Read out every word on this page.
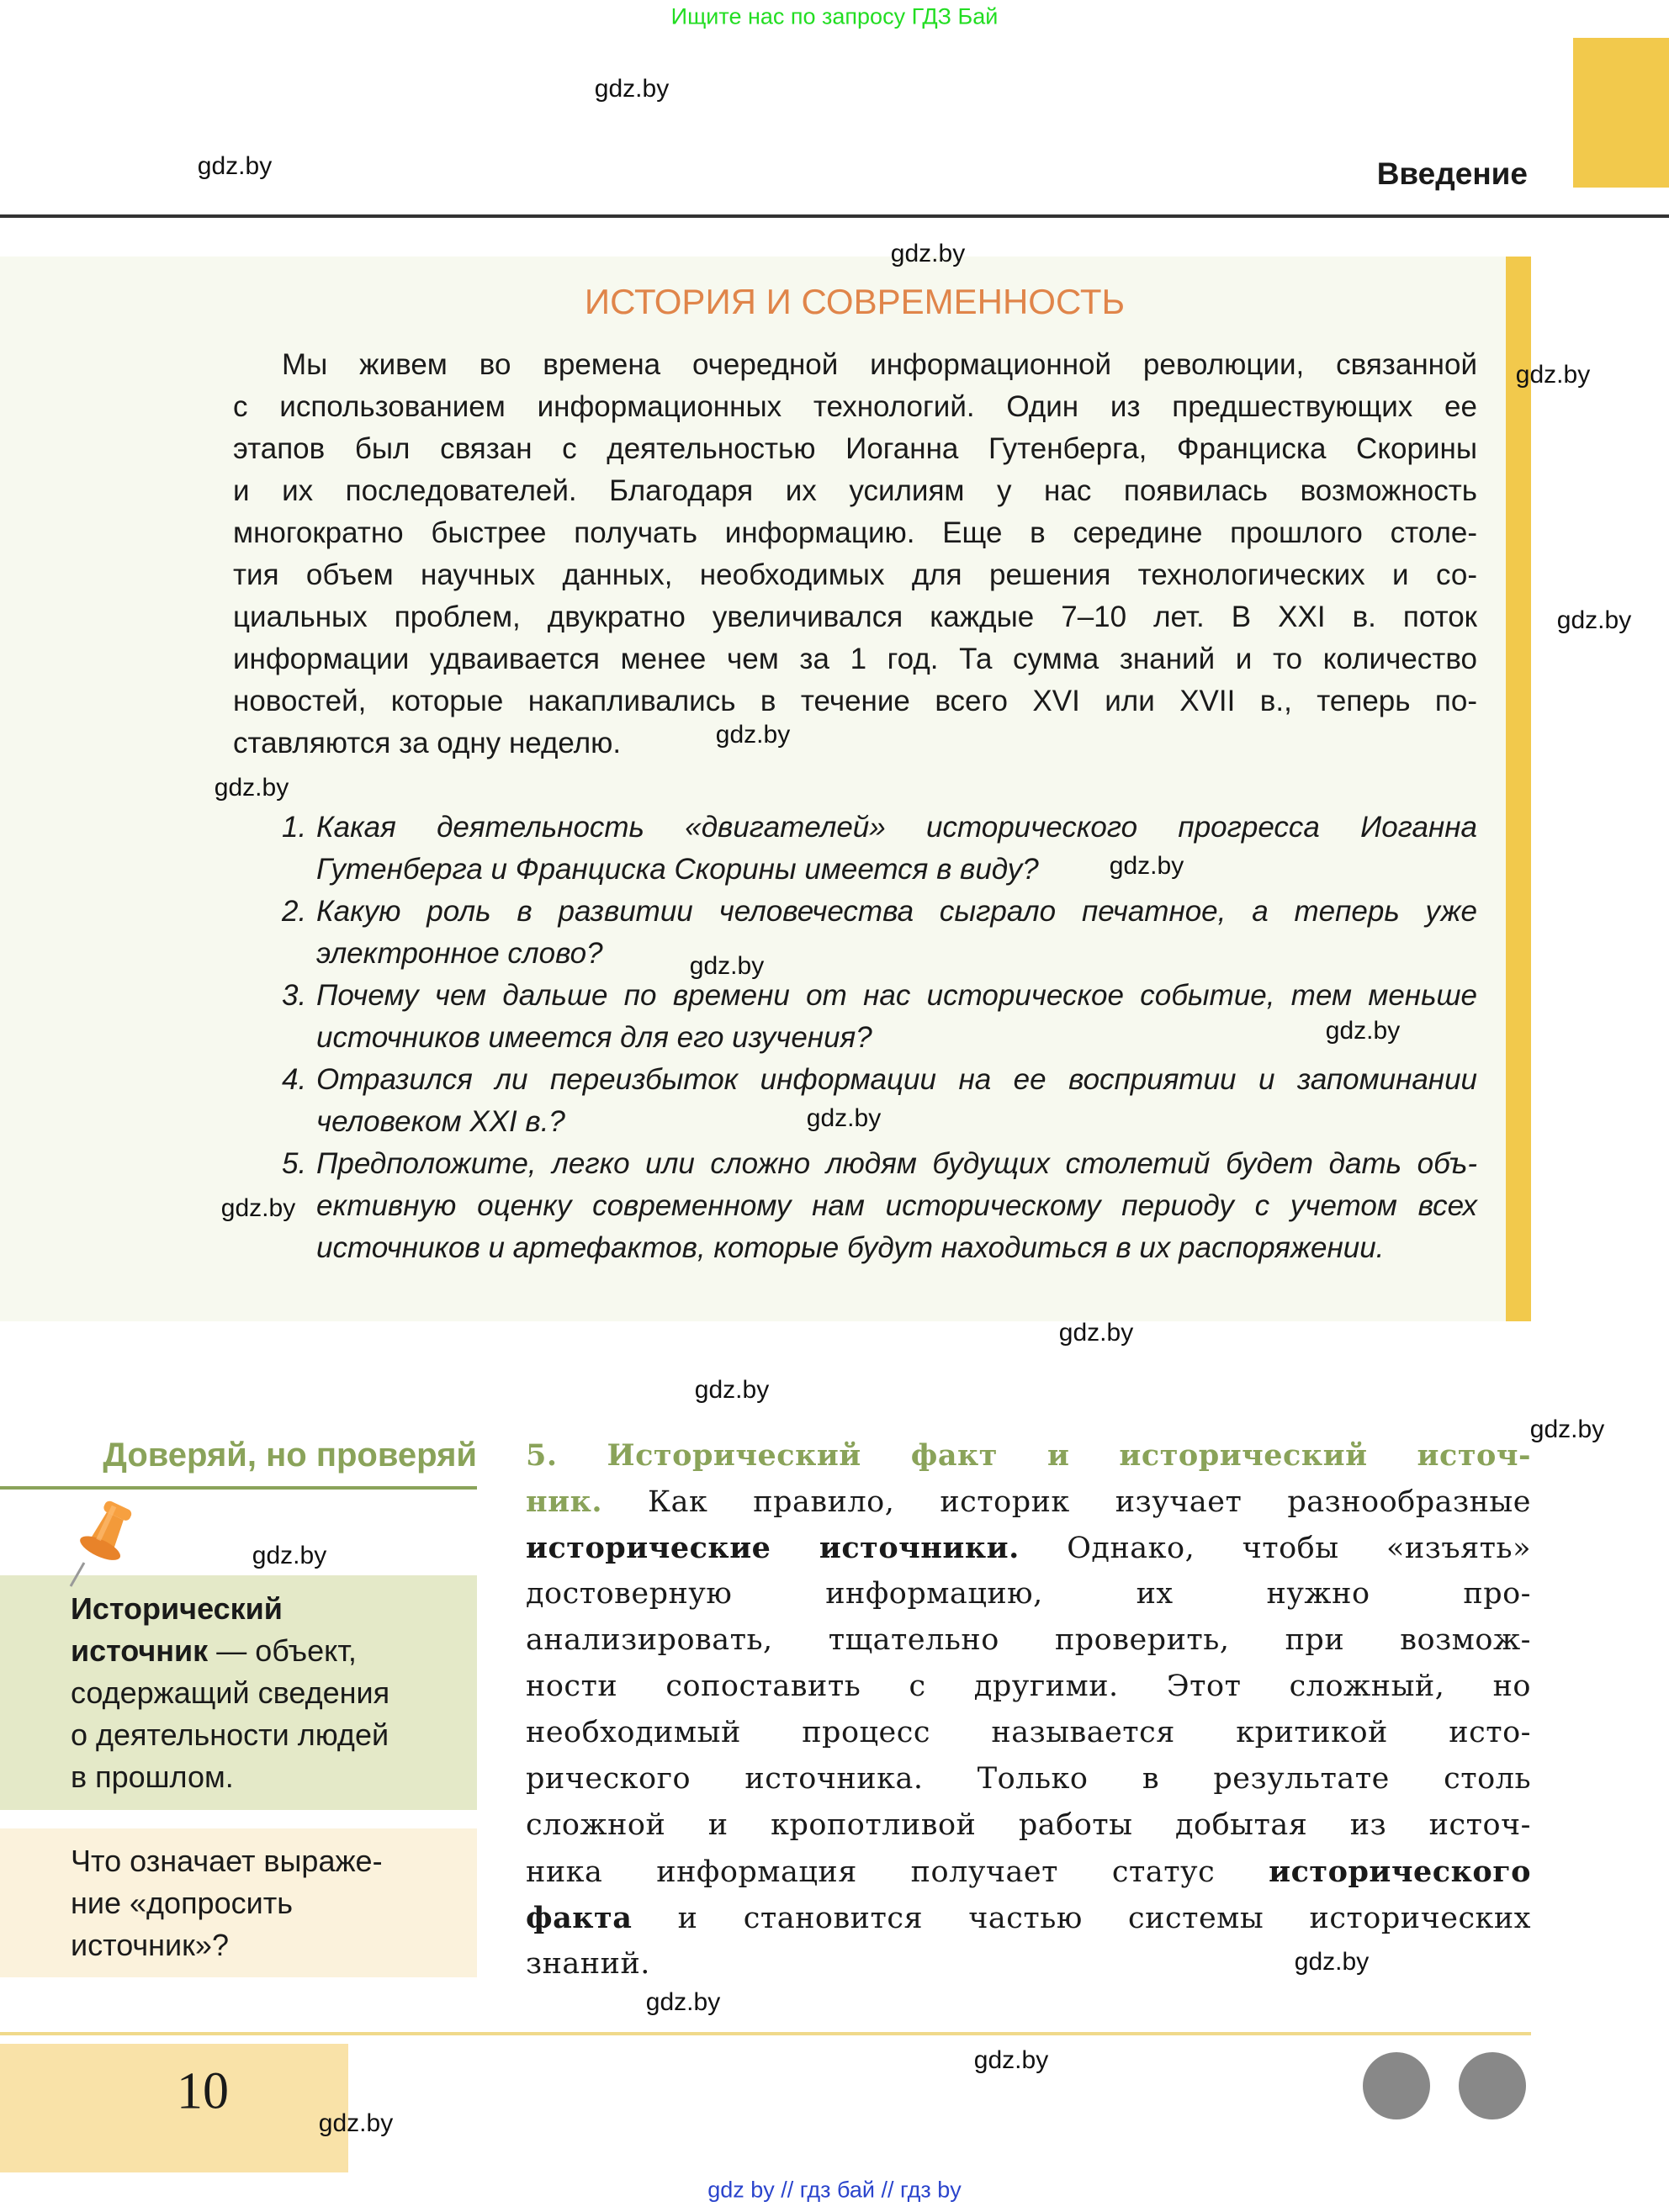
Ищите нас по запросу ГДЗ Бай
Введение
ИСТОРИЯ И СОВРЕМЕННОСТЬ
Мы живем во времена очередной информационной революции, связанной
с использованием информационных технологий. Один из предшествующих ее
этапов был связан с деятельностью Иоганна Гутенберга, Франциска Скорины
и их последователей. Благодаря их усилиям у нас появилась возможность
многократно быстрее получать информацию. Еще в середине прошлого столе-
тия объем научных данных, необходимых для решения технологических и со-
циальных проблем, двукратно увеличивался каждые 7–10 лет. В XXI в. поток
информации удваивается менее чем за 1 год. Та сумма знаний и то количество
новостей, которые накапливались в течение всего XVI или XVII в., теперь по-
ставляются за одну неделю.
1. Какая деятельность «двигателей» исторического прогресса Иоганна
Гутенберга и Франциска Скорины имеется в виду?
2. Какую роль в развитии человечества сыграло печатное, а теперь уже
электронное слово?
3. Почему чем дальше по времени от нас историческое событие, тем меньше
источников имеется для его изучения?
4. Отразился ли переизбыток информации на ее восприятии и запоминании
человеком XXI в.?
5. Предположите, легко или сложно людям будущих столетий будет дать объ-
ективную оценку современному нам историческому периоду с учетом всех
источников и артефактов, которые будут находиться в их распоряжении.
Доверяй, но проверяй
Исторический
источник — объект,
содержащий сведения
о деятельности людей
в прошлом.
Что означает выраже-
ние «допросить
источник»?
5. Исторический факт и исторический источ-
ник. Как правило, историк изучает разнообразные
исторические источники. Однако, чтобы «изъять»
достоверную информацию, их нужно про-
анализировать, тщательно проверить, при возмож-
ности сопоставить с другими. Этот сложный, но
необходимый процесс называется критикой исто-
рического источника. Только в результате столь
сложной и кропотливой работы добытая из источ-
ника информация получает статус исторического
факта и становится частью системы исторических
знаний.
10
gdz by // гдз бай // гдз by
gdz.by
gdz.by
gdz.by
gdz.by
gdz.by
gdz.by
gdz.by
gdz.by
gdz.by
gdz.by
gdz.by
gdz.by
gdz.by
gdz.by
gdz.by
gdz.by
gdz.by
gdz.by
gdz.by
gdz.by
